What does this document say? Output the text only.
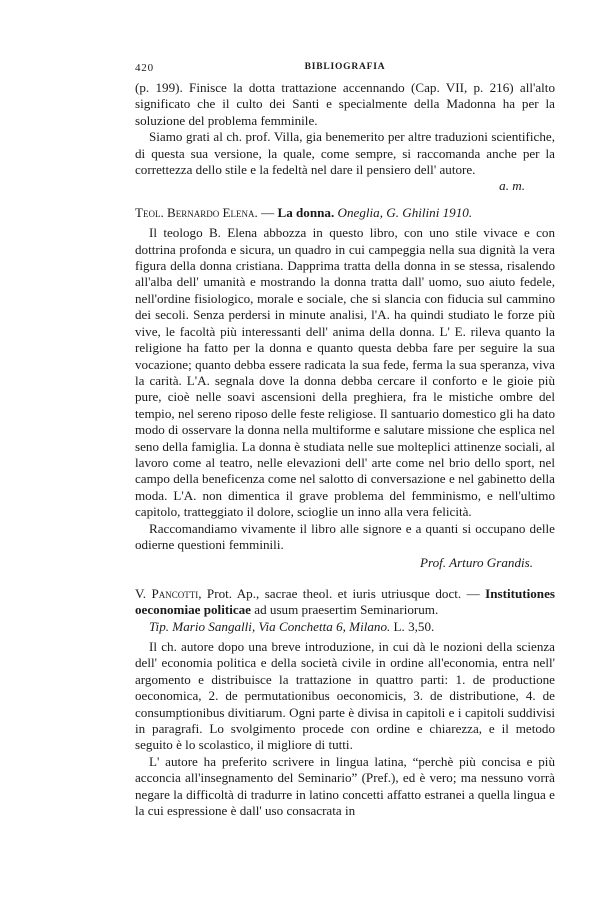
420	BIBLIOGRAFIA

(p. 199). Finisce la dotta trattazione accennando (Cap. VII, p. 216) all'alto significato che il culto dei Santi e specialmente della Madonna ha per la soluzione del problema femminile.

Siamo grati al ch. prof. Villa, gia benemerito per altre traduzioni scientifiche, di questa sua versione, la quale, come sempre, si raccomanda anche per la correttezza dello stile e la fedeltà nel dare il pensiero dell' autore.

a. m.

Teol. Bernardo Elena. — La donna. Oneglia, G. Ghilini 1910.

Il teologo B. Elena abbozza in questo libro, con uno stile vivace e con dottrina profonda e sicura, un quadro in cui campeggia nella sua dignità la vera figura della donna cristiana. Dapprima tratta della donna in se stessa, risalendo all'alba dell' umanità e mostrando la donna tratta dall' uomo, suo aiuto fedele, nell'ordine fisiologico, morale e sociale, che si slancia con fiducia sul cammino dei secoli. Senza perdersi in minute analisi, l'A. ha quindi studiato le forze più vive, le facoltà più interessanti dell' anima della donna. L' E. rileva quanto la religione ha fatto per la donna e quanto questa debba fare per seguire la sua vocazione; quanto debba essere radicata la sua fede, ferma la sua speranza, viva la carità. L'A. segnala dove la donna debba cercare il conforto e le gioie più pure, cioè nelle soavi ascensioni della preghiera, fra le mistiche ombre del tempio, nel sereno riposo delle feste religiose. Il santuario domestico gli ha dato modo di osservare la donna nella multiforme e salutare missione che esplica nel seno della famiglia. La donna è studiata nelle sue molteplici attinenze sociali, al lavoro come al teatro, nelle elevazioni dell' arte come nel brio dello sport, nel campo della beneficenza come nel salotto di conversazione e nel gabinetto della moda. L'A. non dimentica il grave problema del femminismo, e nell'ultimo capitolo, tratteggiato il dolore, scioglie un inno alla vera felicità.

Raccomandiamo vivamente il libro alle signore e a quanti si occupano delle odierne questioni femminili.

Prof. Arturo Grandis.

V. Pancotti, Prot. Ap., sacrae theol. et iuris utriusque doct. — Institutiones oeconomiae politicae ad usum praesertim Seminariorum.

Tip. Mario Sangalli, Via Conchetta 6, Milano. L. 3,50.

Il ch. autore dopo una breve introduzione, in cui dà le nozioni della scienza dell' economia politica e della società civile in ordine all'economia, entra nell' argomento e distribuisce la trattazione in quattro parti: 1. de productione oeconomica, 2. de permutationibus oeconomicis, 3. de distributione, 4. de consumptionibus divitiarum. Ogni parte è divisa in capitoli e i capitoli suddivisi in paragrafi. Lo svolgimento procede con ordine e chiarezza, e il metodo seguito è lo scolastico, il migliore di tutti.

L' autore ha preferito scrivere in lingua latina, “perchè più concisa e più acconcia all'insegnamento del Seminario” (Pref.), ed è vero; ma nessuno vorrà negare la difficoltà di tradurre in latino concetti affatto estranei a quella lingua e la cui espressione è dall' uso consacrata in
